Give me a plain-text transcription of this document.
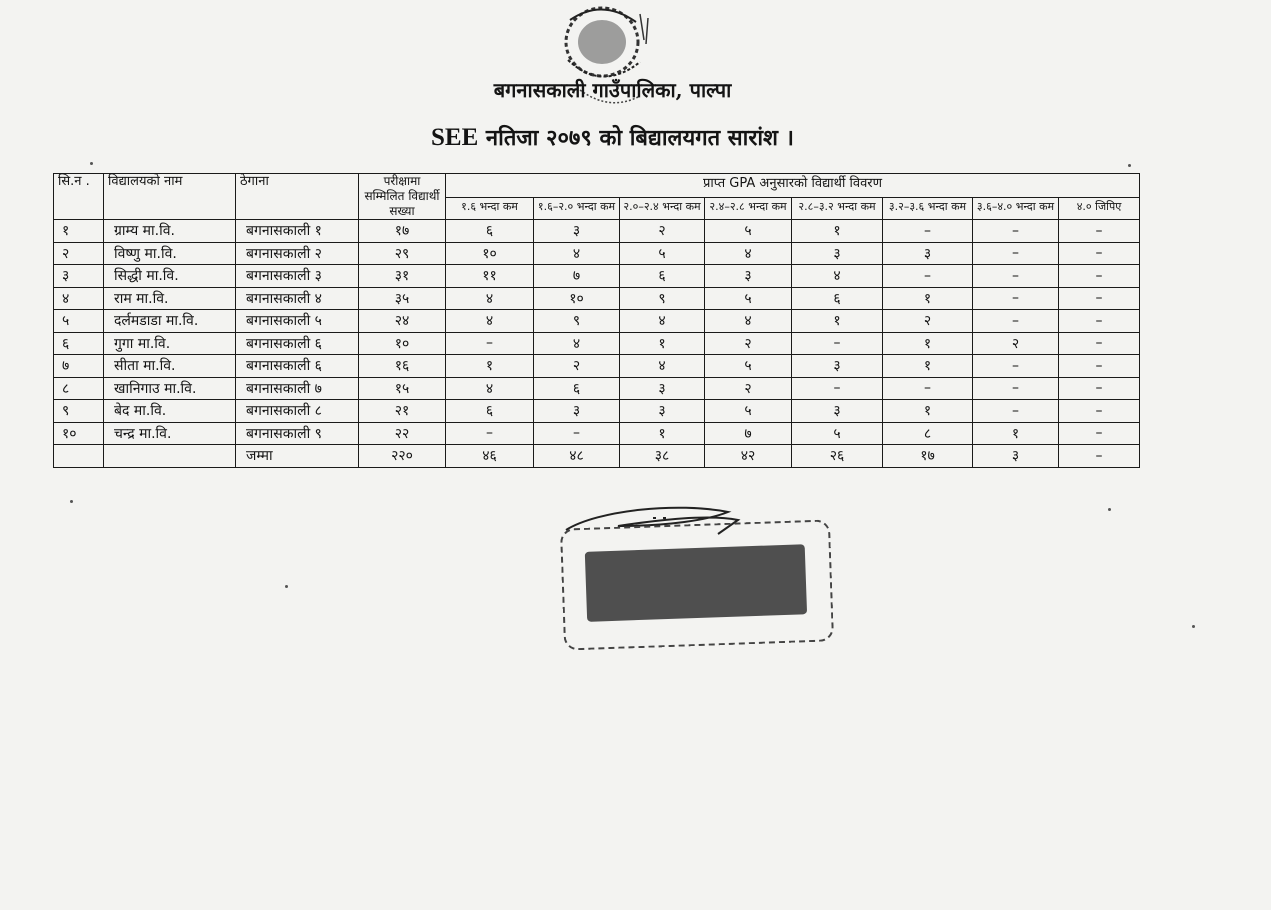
बगनासकाली गाउँपालिका, पाल्पा
SEE नतिजा २०७९ को बिद्यालयगत सारांश ।
सि.न .	विद्यालयको नाम	ठेगाना	परीक्षामा सम्मिलित विद्यार्थी सख्या	प्राप्त GPA अनुसारको विद्यार्थी विवरण							
				१.६ भन्दा कम	१.६–२.० भन्दा कम	२.०–२.४ भन्दा कम	२.४–२.८ भन्दा कम	२.८–३.२ भन्दा कम	३.२–३.६ भन्दा कम	३.६–४.० भन्दा कम	४.० जिपिए
१	ग्राम्य मा.वि.	बगनासकाली १	१७	६	३	२	५	१	–	–	–
२	विष्णु मा.वि.	बगनासकाली २	२९	१०	४	५	४	३	३	–	–
३	सिद्धी मा.वि.	बगनासकाली ३	३१	११	७	६	३	४	–	–	–
४	राम मा.वि.	बगनासकाली ४	३५	४	१०	९	५	६	१	–	–
५	दर्लमडाडा मा.वि.	बगनासकाली ५	२४	४	९	४	४	१	२	–	–
६	गुगा मा.वि.	बगनासकाली ६	१०	–	४	१	२	–	१	२	–
७	सीता मा.वि.	बगनासकाली ६	१६	१	२	४	५	३	१	–	–
८	खानिगाउ मा.वि.	बगनासकाली ७	१५	४	६	३	२	–	–	–	–
९	बेद मा.वि.	बगनासकाली ८	२१	६	३	३	५	३	१	–	–
१०	चन्द्र मा.वि.	बगनासकाली ९	२२	–	–	१	७	५	८	१	–
		जम्मा	२२०	४६	४८	३८	४२	२६	१७	३	–
